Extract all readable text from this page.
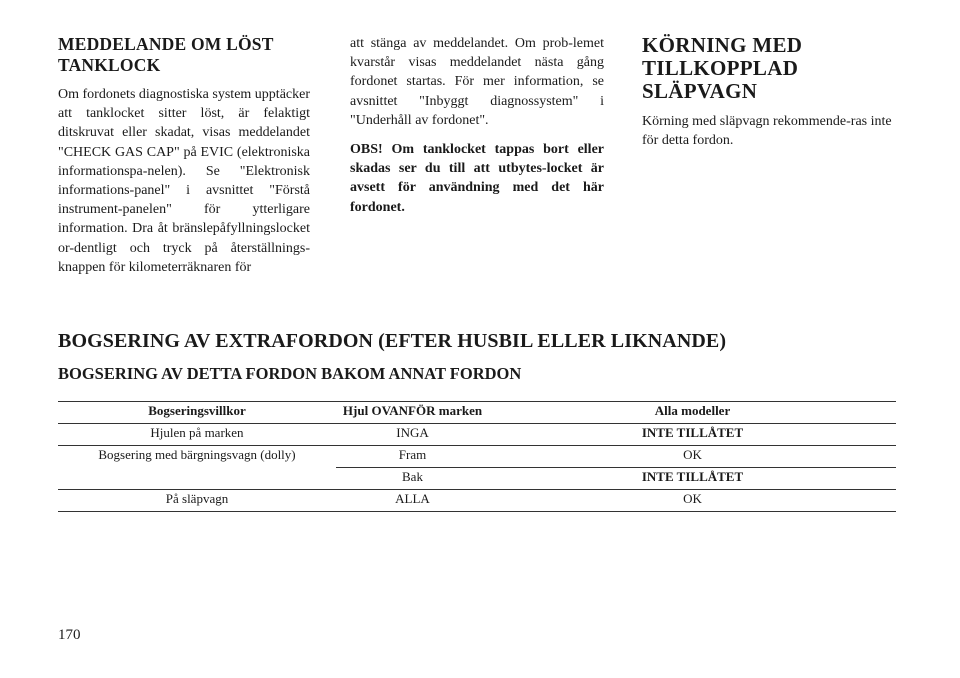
MEDDELANDE OM LÖST TANKLOCK

Om fordonets diagnostiska system upptäcker att tanklocket sitter löst, är felaktigt ditskruvat eller skadat, visas meddelandet "CHECK GAS CAP" på EVIC (elektroniska informationspa-nelen). Se "Elektronisk informations-panel" i avsnittet "Förstå instrument-panelen" för ytterligare information. Dra åt bränslepåfyllningslocket or-dentligt och tryck på återställnings-knappen för kilometerräknaren för

att stänga av meddelandet. Om prob-lemet kvarstår visas meddelandet nästa gång fordonet startas. För mer information, se avsnittet "Inbyggt diagnossystem" i "Underhåll av fordonet".

OBS! Om tanklocket tappas bort eller skadas ser du till att utbytes-locket är avsett för användning med det här fordonet.

KÖRNING MED TILLKOPPLAD SLÄPVAGN

Körning med släpvagn rekommende-ras inte för detta fordon.

BOGSERING AV EXTRAFORDON (EFTER HUSBIL ELLER LIKNANDE)
BOGSERING AV DETTA FORDON BAKOM ANNAT FORDON
Bogseringsvillkor	Hjul OVANFÖR marken	Alla modeller
Hjulen på marken	INGA	INTE TILLÅTET
Bogsering med bärgningsvagn (dolly)	Fram	OK
	Bak	INTE TILLÅTET
På släpvagn	ALLA	OK
170
